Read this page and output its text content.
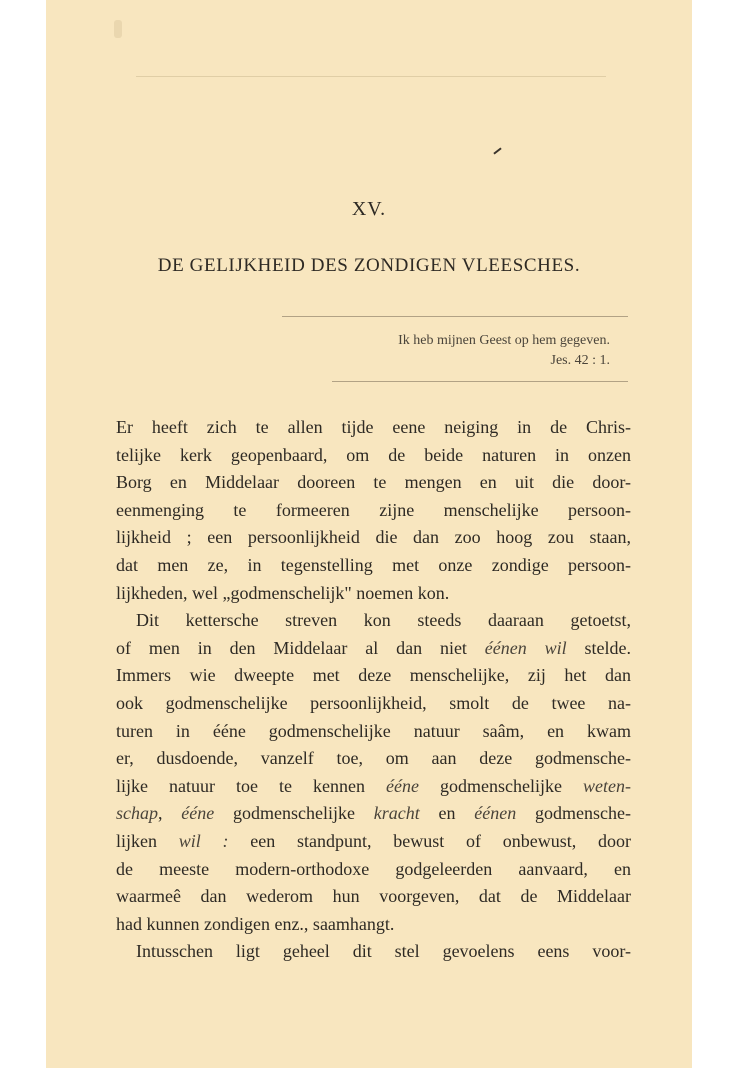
XV.
DE GELIJKHEID DES ZONDIGEN VLEESCHES.
Ik heb mijnen Geest op hem gegeven.
Jes. 42 : 1.
Er heeft zich te allen tijde eene neiging in de Chris-
telijke kerk geopenbaard, om de beide naturen in onzen
Borg en Middelaar dooreen te mengen en uit die door-
eenmenging te formeeren zijne menschelijke persoon-
lijkheid ; een persoonlijkheid die dan zoo hoog zou staan,
dat men ze, in tegenstelling met onze zondige persoon-
lijkheden, wel „godmenschelijk" noemen kon.
Dit kettersche streven kon steeds daaraan getoetst,
of men in den Middelaar al dan niet éénen wil stelde.
Immers wie dweepte met deze menschelijke, zij het dan
ook godmenschelijke persoonlijkheid, smolt de twee na-
turen in ééne godmenschelijke natuur saâm, en kwam
er, dusdoende, vanzelf toe, om aan deze godmensche-
lijke natuur toe te kennen ééne godmenschelijke weten-
schap, ééne godmenschelijke kracht en éénen godmensche-
lijken wil : een standpunt, bewust of onbewust, door
de meeste modern-orthodoxe godgeleerden aanvaard, en
waarmeê dan wederom hun voorgeven, dat de Middelaar
had kunnen zondigen enz., saamhangt.
Intusschen ligt geheel dit stel gevoelens eens voor-
